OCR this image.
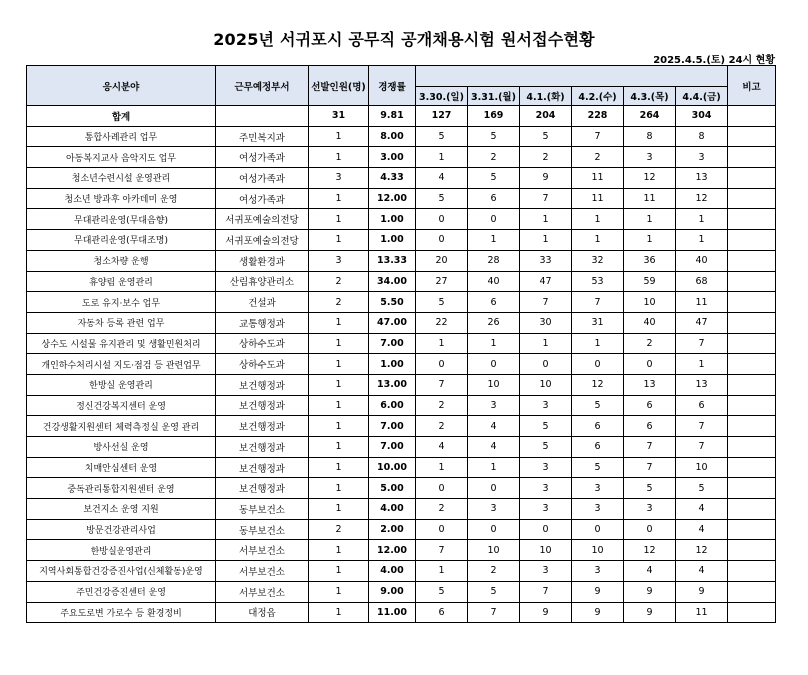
2025년 서귀포시 공무직 공개채용시험 원서접수현황
2025.4.5.(토) 24시 현황
응시분야	근무예정부서	선발인원(명)	경쟁률							비고
				3.30.(일)	3.31.(월)	4.1.(화)	4.2.(수)	4.3.(목)	4.4.(금)	
합계		31	9.81	127	169	204	228	264	304	
통합사례관리 업무	주민복지과	1	8.00	5	5	5	7	8	8	
아동복지교사 음악지도 업무	여성가족과	1	3.00	1	2	2	2	3	3	
청소년수련시설 운영관리	여성가족과	3	4.33	4	5	9	11	12	13	
청소년 방과후 아카데미 운영	여성가족과	1	12.00	5	6	7	11	11	12	
무대관리운영(무대음향)	서귀포예술의전당	1	1.00	0	0	1	1	1	1	
무대관리운영(무대조명)	서귀포예술의전당	1	1.00	0	1	1	1	1	1	
청소차량 운행	생활환경과	3	13.33	20	28	33	32	36	40	
휴양림 운영관리	산림휴양관리소	2	34.00	27	40	47	53	59	68	
도로 유지·보수 업무	건설과	2	5.50	5	6	7	7	10	11	
자동차 등록 관련 업무	교통행정과	1	47.00	22	26	30	31	40	47	
상수도 시설물 유지관리 및 생활민원처리	상하수도과	1	7.00	1	1	1	1	2	7	
개인하수처리시설 지도·점검 등 관련업무	상하수도과	1	1.00	0	0	0	0	0	1	
한방실 운영관리	보건행정과	1	13.00	7	10	10	12	13	13	
정신건강복지센터 운영	보건행정과	1	6.00	2	3	3	5	6	6	
건강생활지원센터 체력측정실 운영 관리	보건행정과	1	7.00	2	4	5	6	6	7	
방사선실 운영	보건행정과	1	7.00	4	4	5	6	7	7	
치매안심센터 운영	보건행정과	1	10.00	1	1	3	5	7	10	
중독관리통합지원센터 운영	보건행정과	1	5.00	0	0	3	3	5	5	
보건지소 운영 지원	동부보건소	1	4.00	2	3	3	3	3	4	
방문건강관리사업	동부보건소	2	2.00	0	0	0	0	0	4	
한방실운영관리	서부보건소	1	12.00	7	10	10	10	12	12	
지역사회통합건강증진사업(신체활동)운영	서부보건소	1	4.00	1	2	3	3	4	4	
주민건강증진센터 운영	서부보건소	1	9.00	5	5	7	9	9	9	
주요도로변 가로수 등 환경정비	대정읍	1	11.00	6	7	9	9	9	11	
